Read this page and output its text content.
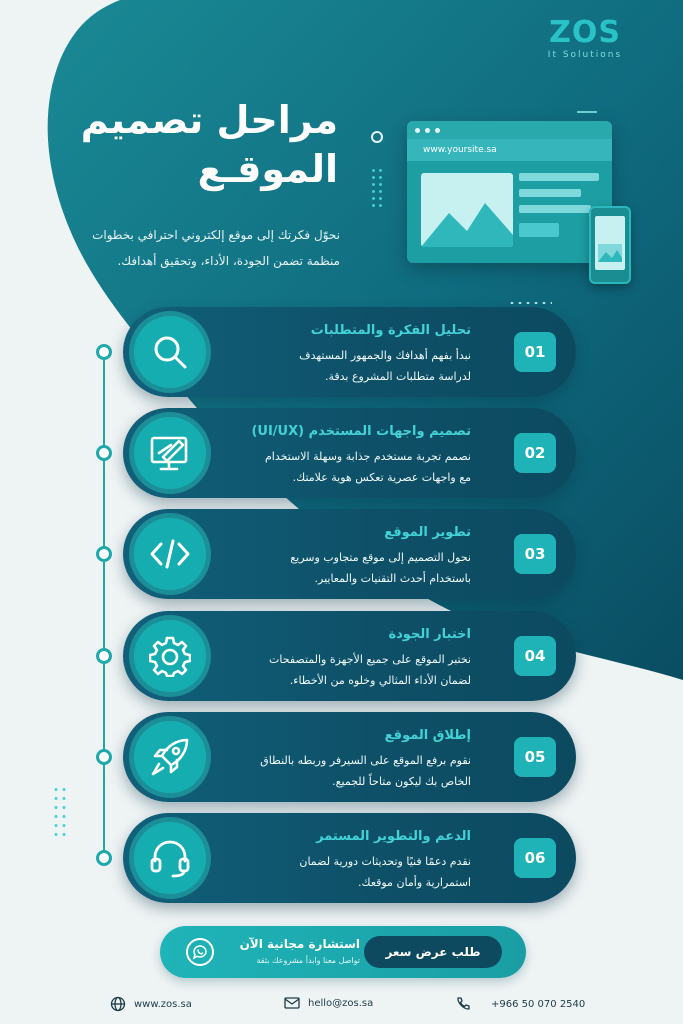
ZOS
It Solutions
مراحل تصميم
الموقـع
نحوّل فكرتك إلى موقع إلكتروني احترافي بخطوات
منظمة تضمن الجودة، الأداء، وتحقيق أهدافك.
www.yoursite.sa
تحليل الفكرة والمتطلبات
نبدأ بفهم أهدافك والجمهور المستهدف
لدراسة متطلبات المشروع بدقة.
01
تصميم واجهات المستخدم (UI/UX)
نصمم تجربة مستخدم جذابة وسهلة الاستخدام
مع واجهات عصرية تعكس هوية علامتك.
02
تطوير الموقع
نحول التصميم إلى موقع متجاوب وسريع
باستخدام أحدث التقنيات والمعايير.
03
اختبار الجودة
نختبر الموقع على جميع الأجهزة والمتصفحات
لضمان الأداء المثالي وخلوه من الأخطاء.
04
إطلاق الموقع
نقوم برفع الموقع على السيرفر وربطه بالنطاق
الخاص بك ليكون متاحاً للجميع.
05
الدعم والتطوير المستمر
نقدم دعمًا فنيًا وتحديثات دورية لضمان
استمرارية وأمان موقعك.
06
استشارة مجانية الآن
تواصل معنا وابدأ مشروعك بثقة
طلب عرض سعر
www.zos.sa	hello@zos.sa	+966 50 070 2540
